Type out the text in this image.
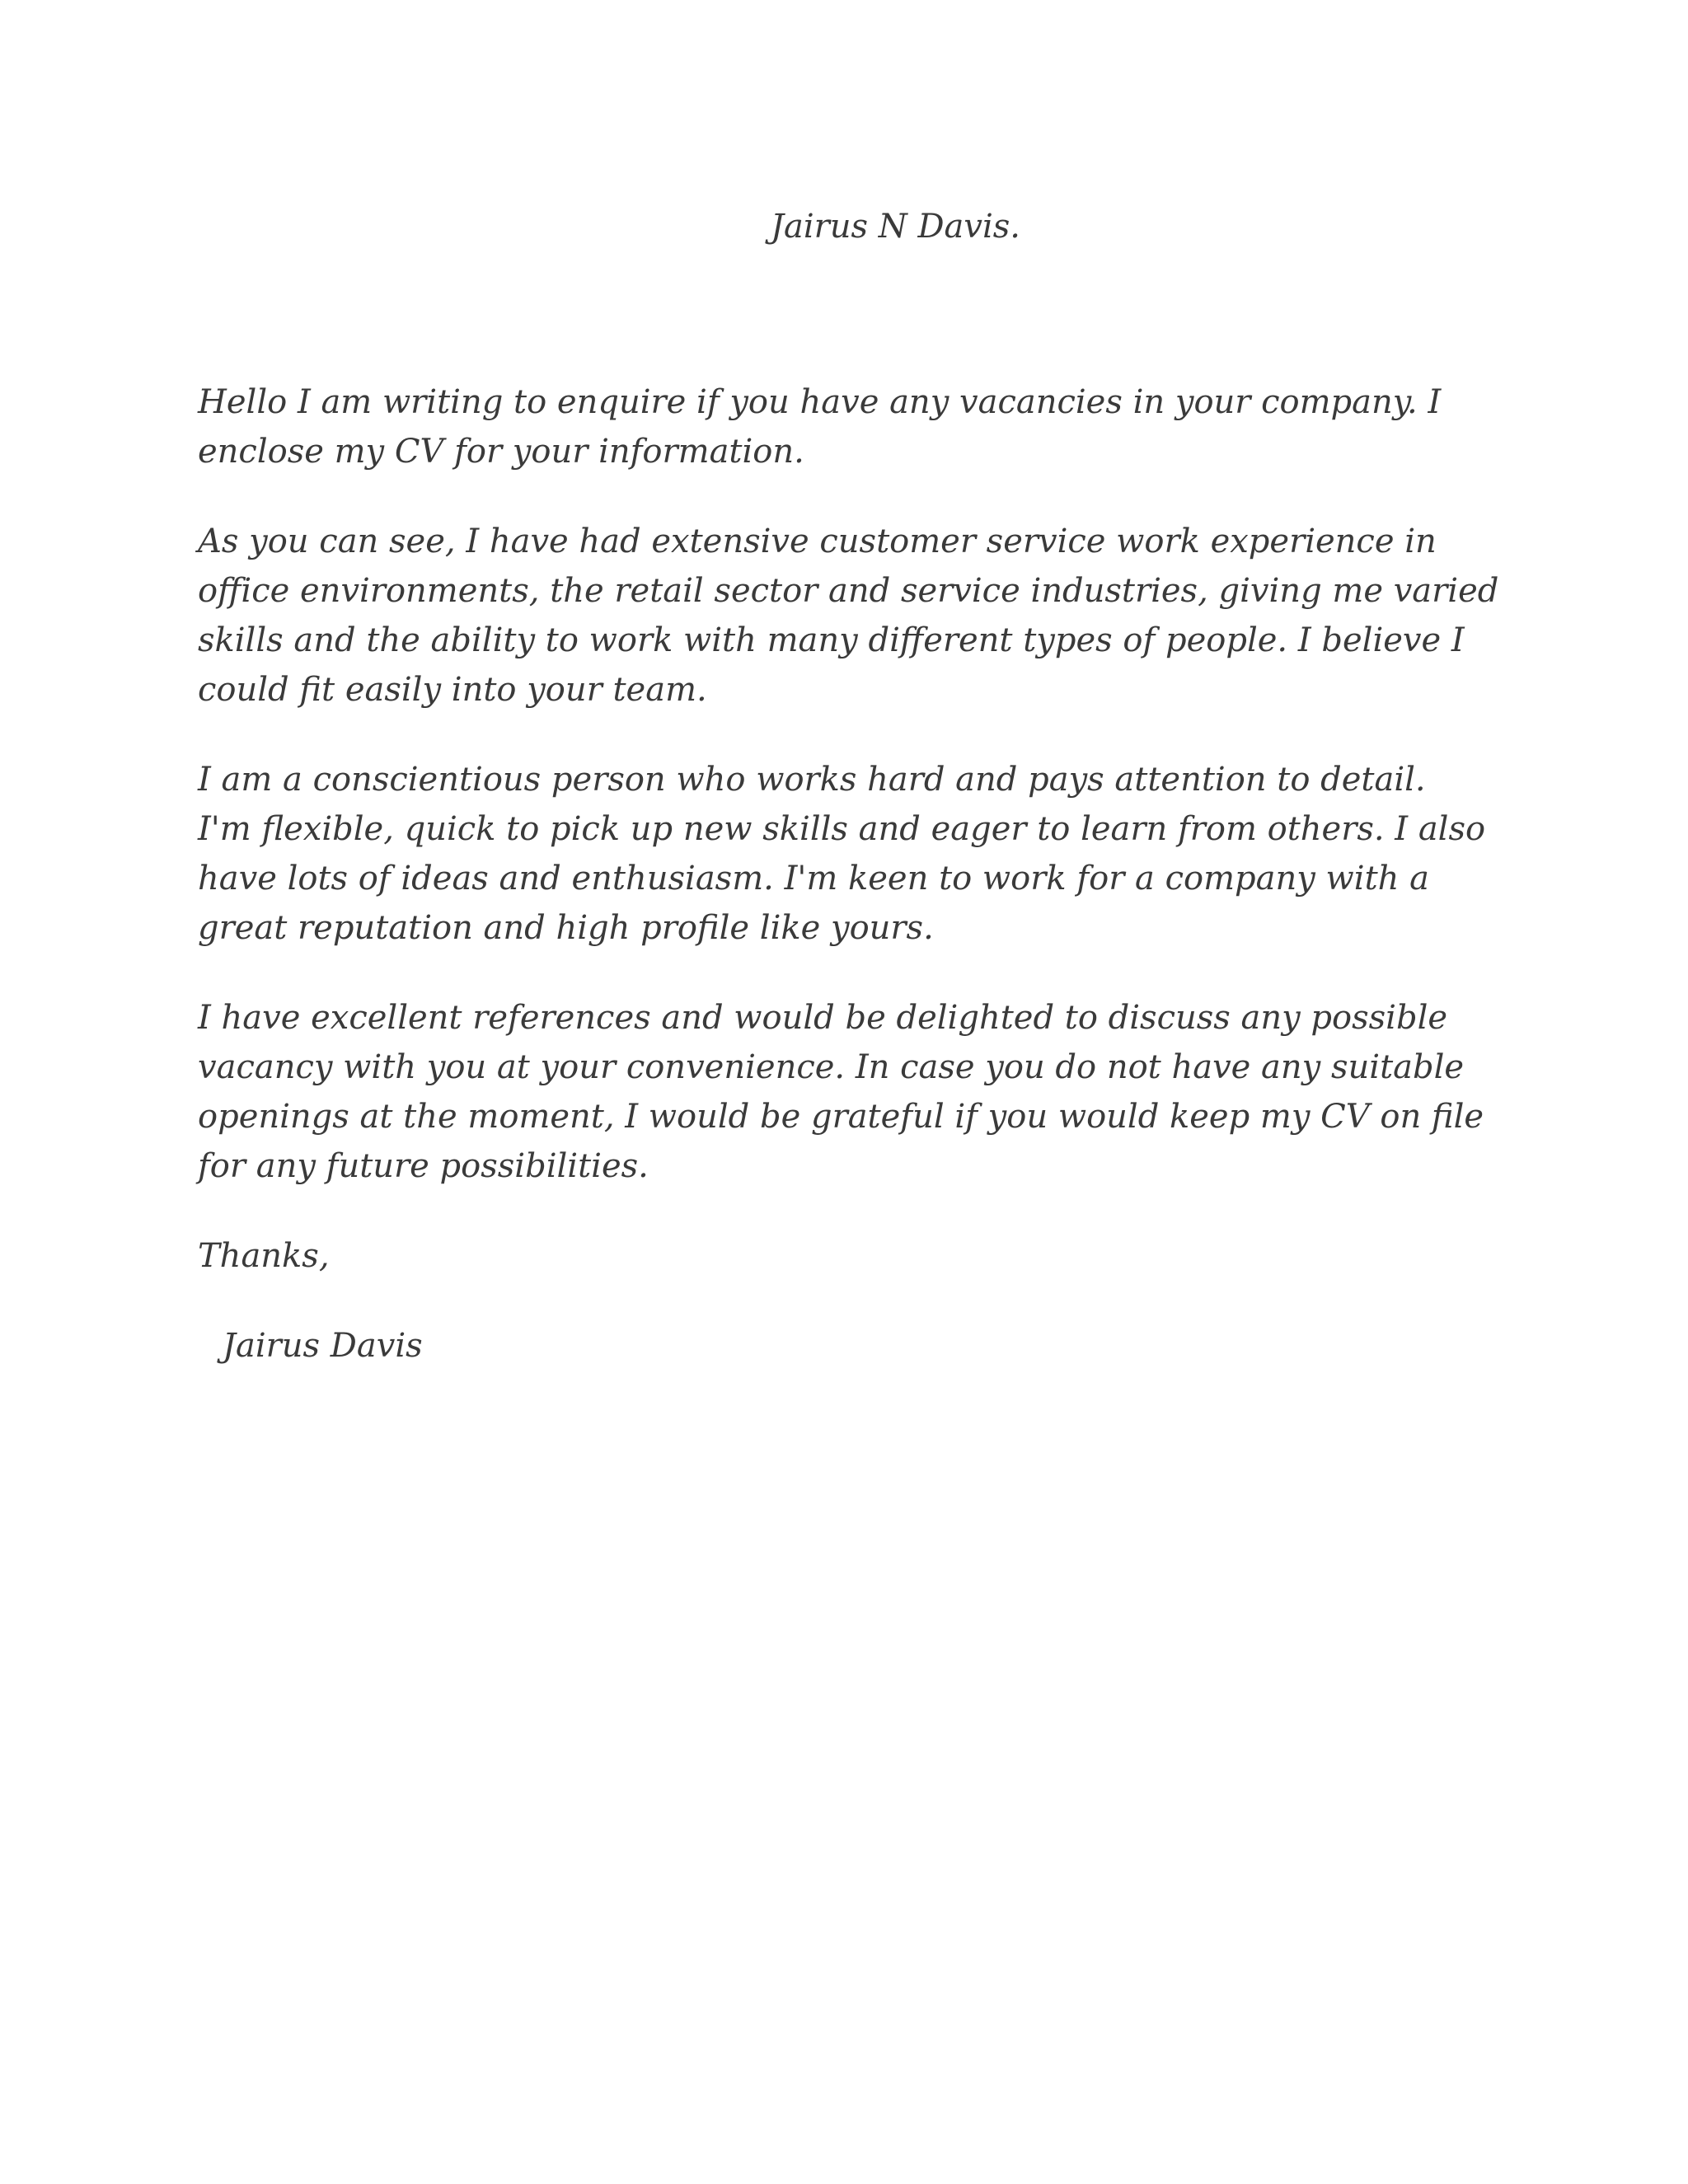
Jairus N Davis.

Hello I am writing to enquire if you have any vacancies in your company. I
enclose my CV for your information.

As you can see, I have had extensive customer service work experience in
office environments, the retail sector and service industries, giving me varied
skills and the ability to work with many different types of people. I believe I
could fit easily into your team.

I am a conscientious person who works hard and pays attention to detail.
I'm flexible, quick to pick up new skills and eager to learn from others. I also
have lots of ideas and enthusiasm. I'm keen to work for a company with a
great reputation and high profile like yours.

I have excellent references and would be delighted to discuss any possible
vacancy with you at your convenience. In case you do not have any suitable
openings at the moment, I would be grateful if you would keep my CV on file
for any future possibilities.

Thanks,

Jairus Davis
